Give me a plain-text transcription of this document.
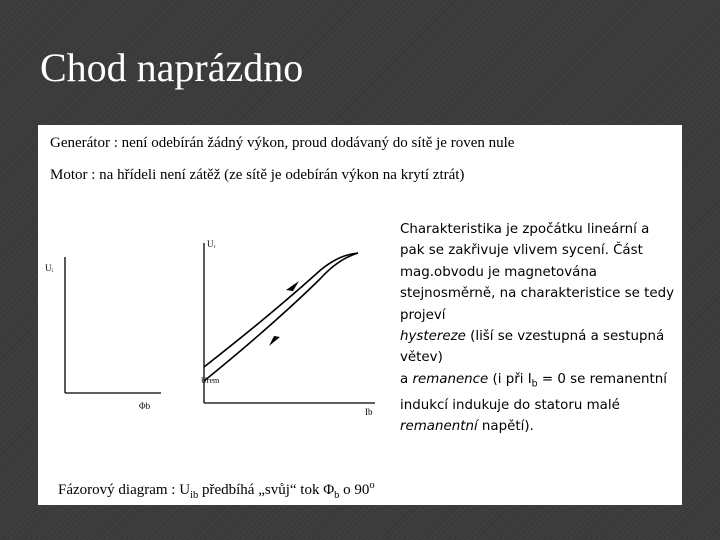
Chod naprázdno
Generátor : není odebírán žádný výkon, proud dodávaný do sítě je roven nule
Motor : na hřídeli není zátěž (ze sítě je odebírán výkon na krytí ztrát)
Uᵢ
Φb
Uᵣ
Ib
Urem
Charakteristika je zpočátku lineární a pak se zakřivuje vlivem sycení. Část mag.obvodu je magnetována stejnosměrně, na charakteristice se tedy projeví
hystereze (liší se vzestupná a sestupná větev)
a remanence (i při $I_b = 0$ se remanentní indukcí indukuje do statoru malé
remanentní napětí).
Fázorový diagram : $U_{ib}$ předbíhá „svůj“ tok $\Phi_b$ o 90$^o$
